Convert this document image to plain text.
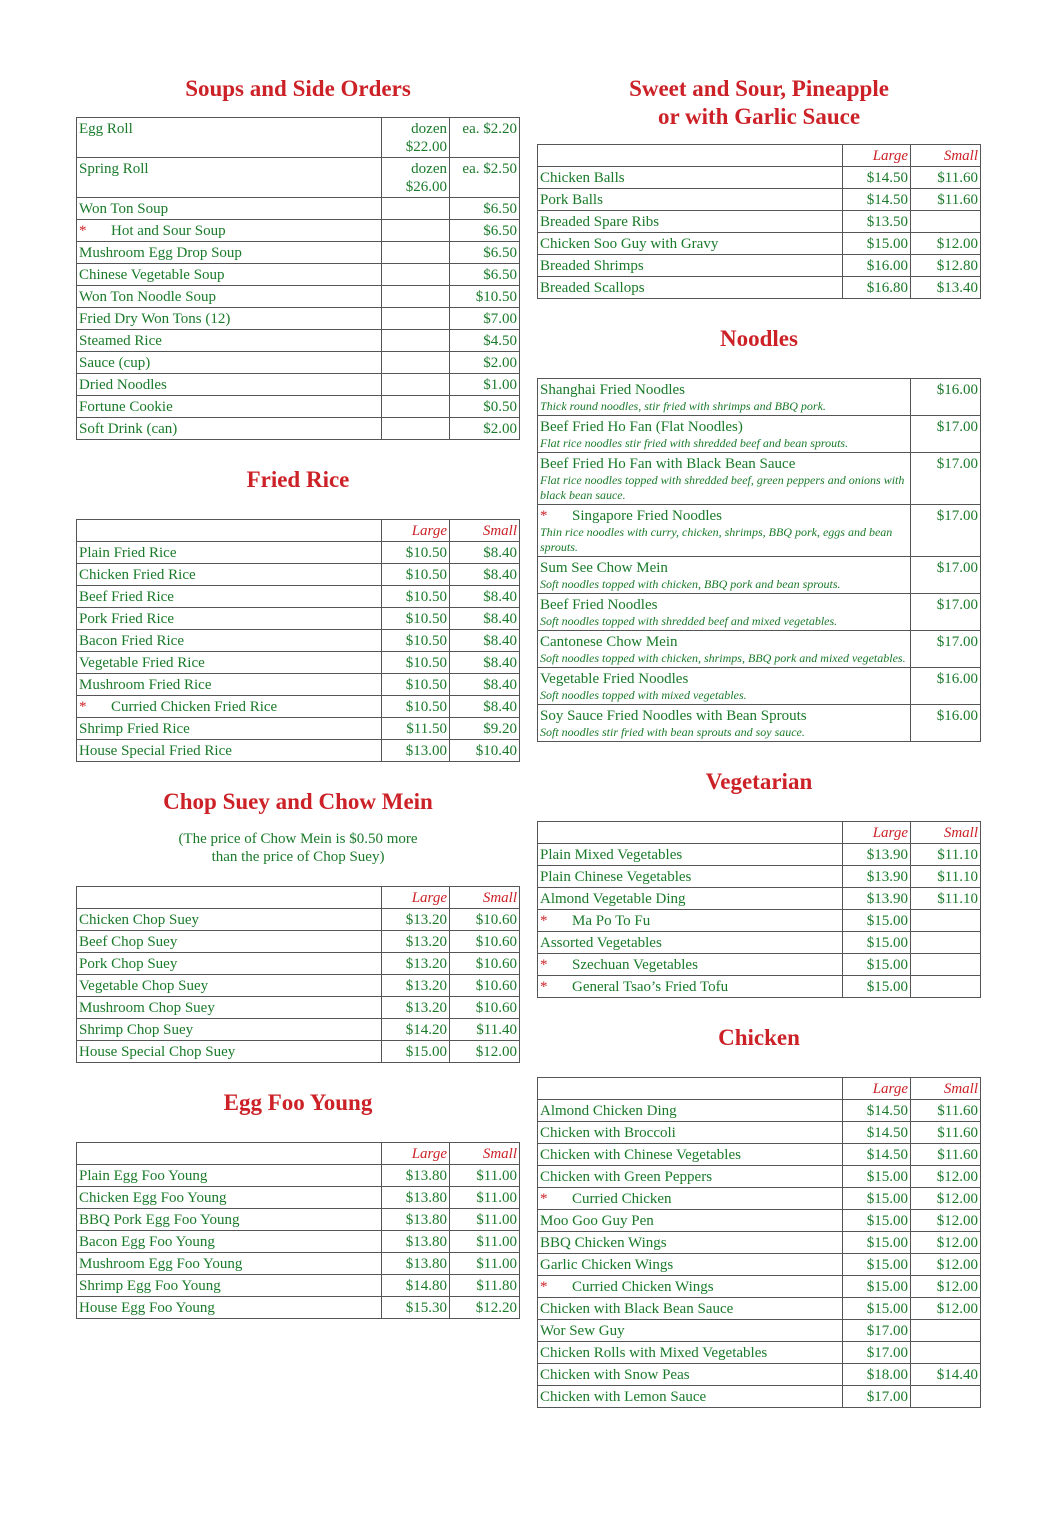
Soups and Side Orders
Egg Roll	dozen $22.00	ea. $2.20
Spring Roll	dozen $26.00	ea. $2.50
Won Ton Soup		$6.50
* Hot and Sour Soup		$6.50
Mushroom Egg Drop Soup		$6.50
Chinese Vegetable Soup		$6.50
Won Ton Noodle Soup		$10.50
Fried Dry Won Tons (12)		$7.00
Steamed Rice		$4.50
Sauce (cup)		$2.00
Dried Noodles		$1.00
Fortune Cookie		$0.50
Soft Drink (can)		$2.00
Fried Rice
	Large	Small
Plain Fried Rice	$10.50	$8.40
Chicken Fried Rice	$10.50	$8.40
Beef Fried Rice	$10.50	$8.40
Pork Fried Rice	$10.50	$8.40
Bacon Fried Rice	$10.50	$8.40
Vegetable Fried Rice	$10.50	$8.40
Mushroom Fried Rice	$10.50	$8.40
* Curried Chicken Fried Rice	$10.50	$8.40
Shrimp Fried Rice	$11.50	$9.20
House Special Fried Rice	$13.00	$10.40
Chop Suey and Chow Mein
(The price of Chow Mein is $0.50 more
than the price of Chop Suey)
	Large	Small
Chicken Chop Suey	$13.20	$10.60
Beef Chop Suey	$13.20	$10.60
Pork Chop Suey	$13.20	$10.60
Vegetable Chop Suey	$13.20	$10.60
Mushroom Chop Suey	$13.20	$10.60
Shrimp Chop Suey	$14.20	$11.40
House Special Chop Suey	$15.00	$12.00
Egg Foo Young
	Large	Small
Plain Egg Foo Young	$13.80	$11.00
Chicken Egg Foo Young	$13.80	$11.00
BBQ Pork Egg Foo Young	$13.80	$11.00
Bacon Egg Foo Young	$13.80	$11.00
Mushroom Egg Foo Young	$13.80	$11.00
Shrimp Egg Foo Young	$14.80	$11.80
House Egg Foo Young	$15.30	$12.20
Sweet and Sour, Pineapple
or with Garlic Sauce
	Large	Small
Chicken Balls	$14.50	$11.60
Pork Balls	$14.50	$11.60
Breaded Spare Ribs	$13.50	
Chicken Soo Guy with Gravy	$15.00	$12.00
Breaded Shrimps	$16.00	$12.80
Breaded Scallops	$16.80	$13.40
Noodles
Shanghai Fried Noodles
Thick round noodles, stir fried with shrimps and BBQ pork.	$16.00
Beef Fried Ho Fan (Flat Noodles)
Flat rice noodles stir fried with shredded beef and bean sprouts.	$17.00
Beef Fried Ho Fan with Black Bean Sauce
Flat rice noodles topped with shredded beef, green peppers and onions with black bean sauce.	$17.00
* Singapore Fried Noodles
Thin rice noodles with curry, chicken, shrimps, BBQ pork, eggs and bean sprouts.	$17.00
Sum See Chow Mein
Soft noodles topped with chicken, BBQ pork and bean sprouts.	$17.00
Beef Fried Noodles
Soft noodles topped with shredded beef and mixed vegetables.	$17.00
Cantonese Chow Mein
Soft noodles topped with chicken, shrimps, BBQ pork and mixed vegetables.	$17.00
Vegetable Fried Noodles
Soft noodles topped with mixed vegetables.	$16.00
Soy Sauce Fried Noodles with Bean Sprouts
Soft noodles stir fried with bean sprouts and soy sauce.	$16.00
Vegetarian
	Large	Small
Plain Mixed Vegetables	$13.90	$11.10
Plain Chinese Vegetables	$13.90	$11.10
Almond Vegetable Ding	$13.90	$11.10
* Ma Po To Fu	$15.00	
Assorted Vegetables	$15.00	
* Szechuan Vegetables	$15.00	
* General Tsao’s Fried Tofu	$15.00	
Chicken
	Large	Small
Almond Chicken Ding	$14.50	$11.60
Chicken with Broccoli	$14.50	$11.60
Chicken with Chinese Vegetables	$14.50	$11.60
Chicken with Green Peppers	$15.00	$12.00
* Curried Chicken	$15.00	$12.00
Moo Goo Guy Pen	$15.00	$12.00
BBQ Chicken Wings	$15.00	$12.00
Garlic Chicken Wings	$15.00	$12.00
* Curried Chicken Wings	$15.00	$12.00
Chicken with Black Bean Sauce	$15.00	$12.00
Wor Sew Guy	$17.00	
Chicken Rolls with Mixed Vegetables	$17.00	
Chicken with Snow Peas	$18.00	$14.40
Chicken with Lemon Sauce	$17.00	
